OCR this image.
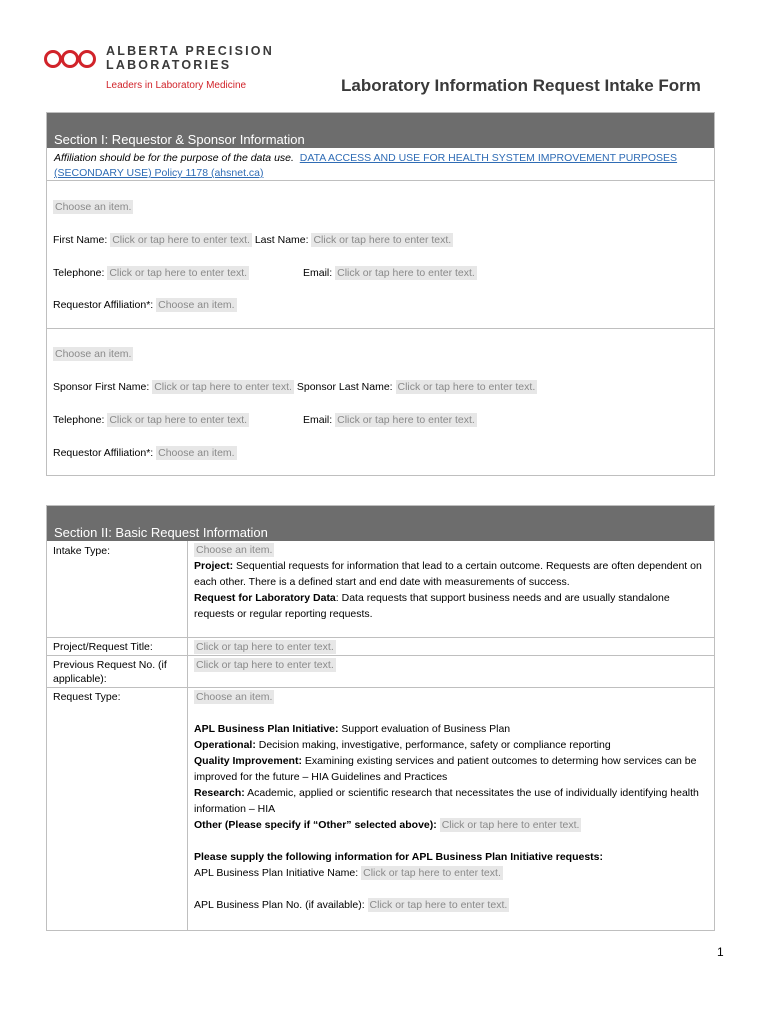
ALBERTA PRECISION
LABORATORIES
Leaders in Laboratory Medicine	Laboratory Information Request Intake Form
Section I: Requestor & Sponsor Information
Affiliation should be for the purpose of the data use. DATA ACCESS AND USE FOR HEALTH SYSTEM IMPROVEMENT PURPOSES (SECONDARY USE) Policy 1178 (ahsnet.ca)
Choose an item.
First Name: Click or tap here to enter text. Last Name: Click or tap here to enter text.
Telephone: Click or tap here to enter text.	Email: Click or tap here to enter text.
Requestor Affiliation*: Choose an item.
Choose an item.
Sponsor First Name: Click or tap here to enter text. Sponsor Last Name: Click or tap here to enter text.
Telephone: Click or tap here to enter text.	Email: Click or tap here to enter text.
Requestor Affiliation*: Choose an item.
Section II: Basic Request Information
Intake Type:	Choose an item.
Project: Sequential requests for information that lead to a certain outcome. Requests are often dependent on each other. There is a defined start and end date with measurements of success.
Request for Laboratory Data: Data requests that support business needs and are usually standalone requests or regular reporting requests.
Project/Request Title:	Click or tap here to enter text.
Previous Request No. (if applicable):
Click or tap here to enter text.
Request Type:	Choose an item.

APL Business Plan Initiative: Support evaluation of Business Plan
Operational: Decision making, investigative, performance, safety or compliance reporting
Quality Improvement: Examining existing services and patient outcomes to determing how services can be improved for the future – HIA Guidelines and Practices
Research: Academic, applied or scientific research that necessitates the use of individually identifying health information – HIA
Other (Please specify if “Other” selected above): Click or tap here to enter text.

Please supply the following information for APL Business Plan Initiative requests:
APL Business Plan Initiative Name: Click or tap here to enter text.

APL Business Plan No. (if available): Click or tap here to enter text.
1
